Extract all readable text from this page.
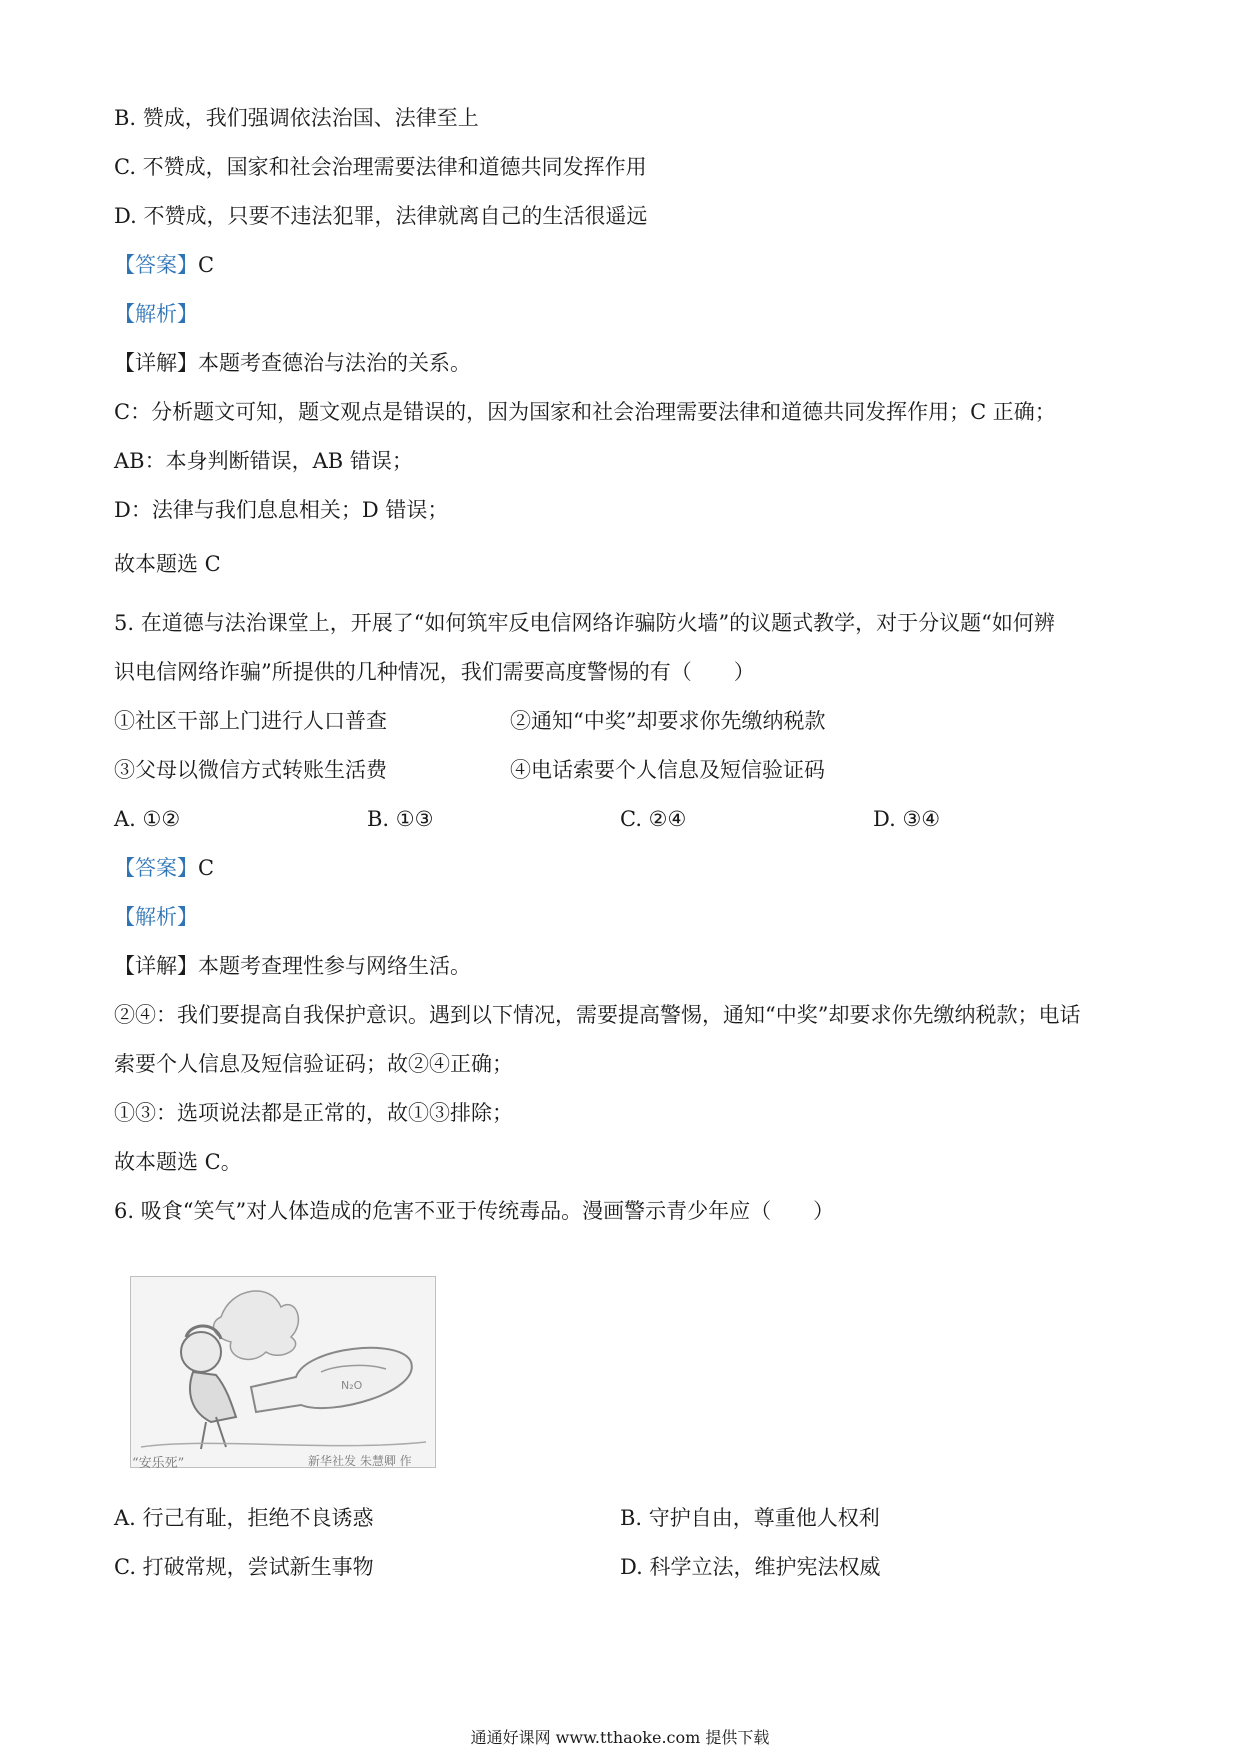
B. 赞成，我们强调依法治国、法律至上
C. 不赞成，国家和社会治理需要法律和道德共同发挥作用
D. 不赞成，只要不违法犯罪，法律就离自己的生活很遥远
【答案】C
【解析】
【详解】本题考查德治与法治的关系。
C：分析题文可知，题文观点是错误的，因为国家和社会治理需要法律和道德共同发挥作用；C 正确；
AB：本身判断错误，AB 错误；
D：法律与我们息息相关；D 错误；
故本题选 C
5. 在道德与法治课堂上，开展了“如何筑牢反电信网络诈骗防火墙”的议题式教学，对于分议题“如何辨
识电信网络诈骗”所提供的几种情况，我们需要高度警惕的有（　　）
①社区干部上门进行人口普查	②通知“中奖”却要求你先缴纳税款
③父母以微信方式转账生活费	④电话索要个人信息及短信验证码
A. ①②	B. ①③	C. ②④	D. ③④
【答案】C
【解析】
【详解】本题考查理性参与网络生活。
②④：我们要提高自我保护意识。遇到以下情况，需要提高警惕，通知“中奖”却要求你先缴纳税款；电话
索要个人信息及短信验证码；故②④正确；
①③：选项说法都是正常的，故①③排除；
故本题选 C。
6. 吸食“笑气”对人体造成的危害不亚于传统毒品。漫画警示青少年应（　　）
N₂O
“安乐死”	新华社发 朱慧卿 作
A. 行己有耻，拒绝不良诱惑	B. 守护自由，尊重他人权利
C. 打破常规，尝试新生事物	D. 科学立法，维护宪法权威
通通好课网 www.tthaoke.com 提供下载
